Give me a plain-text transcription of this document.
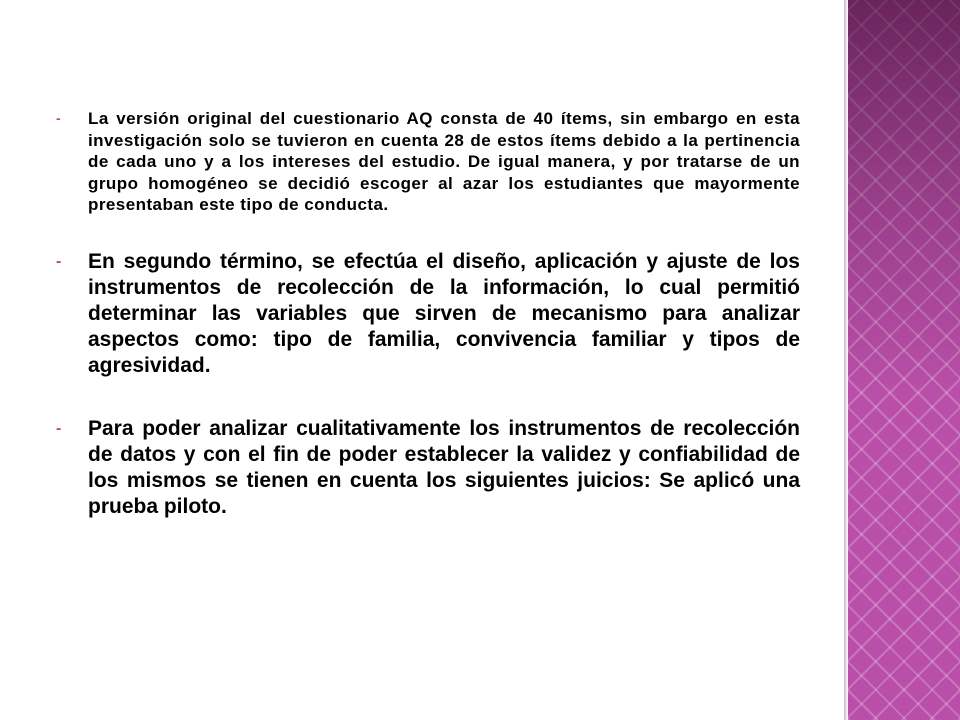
-	La versión original del cuestionario AQ consta de 40 ítems, sin embargo en esta investigación solo se tuvieron en cuenta 28 de estos ítems debido a la pertinencia de cada uno y a los intereses del estudio. De igual manera, y por tratarse de un grupo homogéneo se decidió escoger al azar los estudiantes que mayormente presentaban este tipo de conducta.
-	En segundo término, se efectúa el diseño, aplicación y ajuste de los instrumentos de recolección de la información, lo cual permitió determinar las variables que sirven de mecanismo para analizar aspectos como: tipo de familia, convivencia familiar y tipos de agresividad.
-	Para poder analizar cualitativamente los instrumentos de recolección de datos y con el fin de poder establecer la validez y confiabilidad de los mismos se tienen en cuenta los siguientes juicios: Se aplicó una prueba piloto.
